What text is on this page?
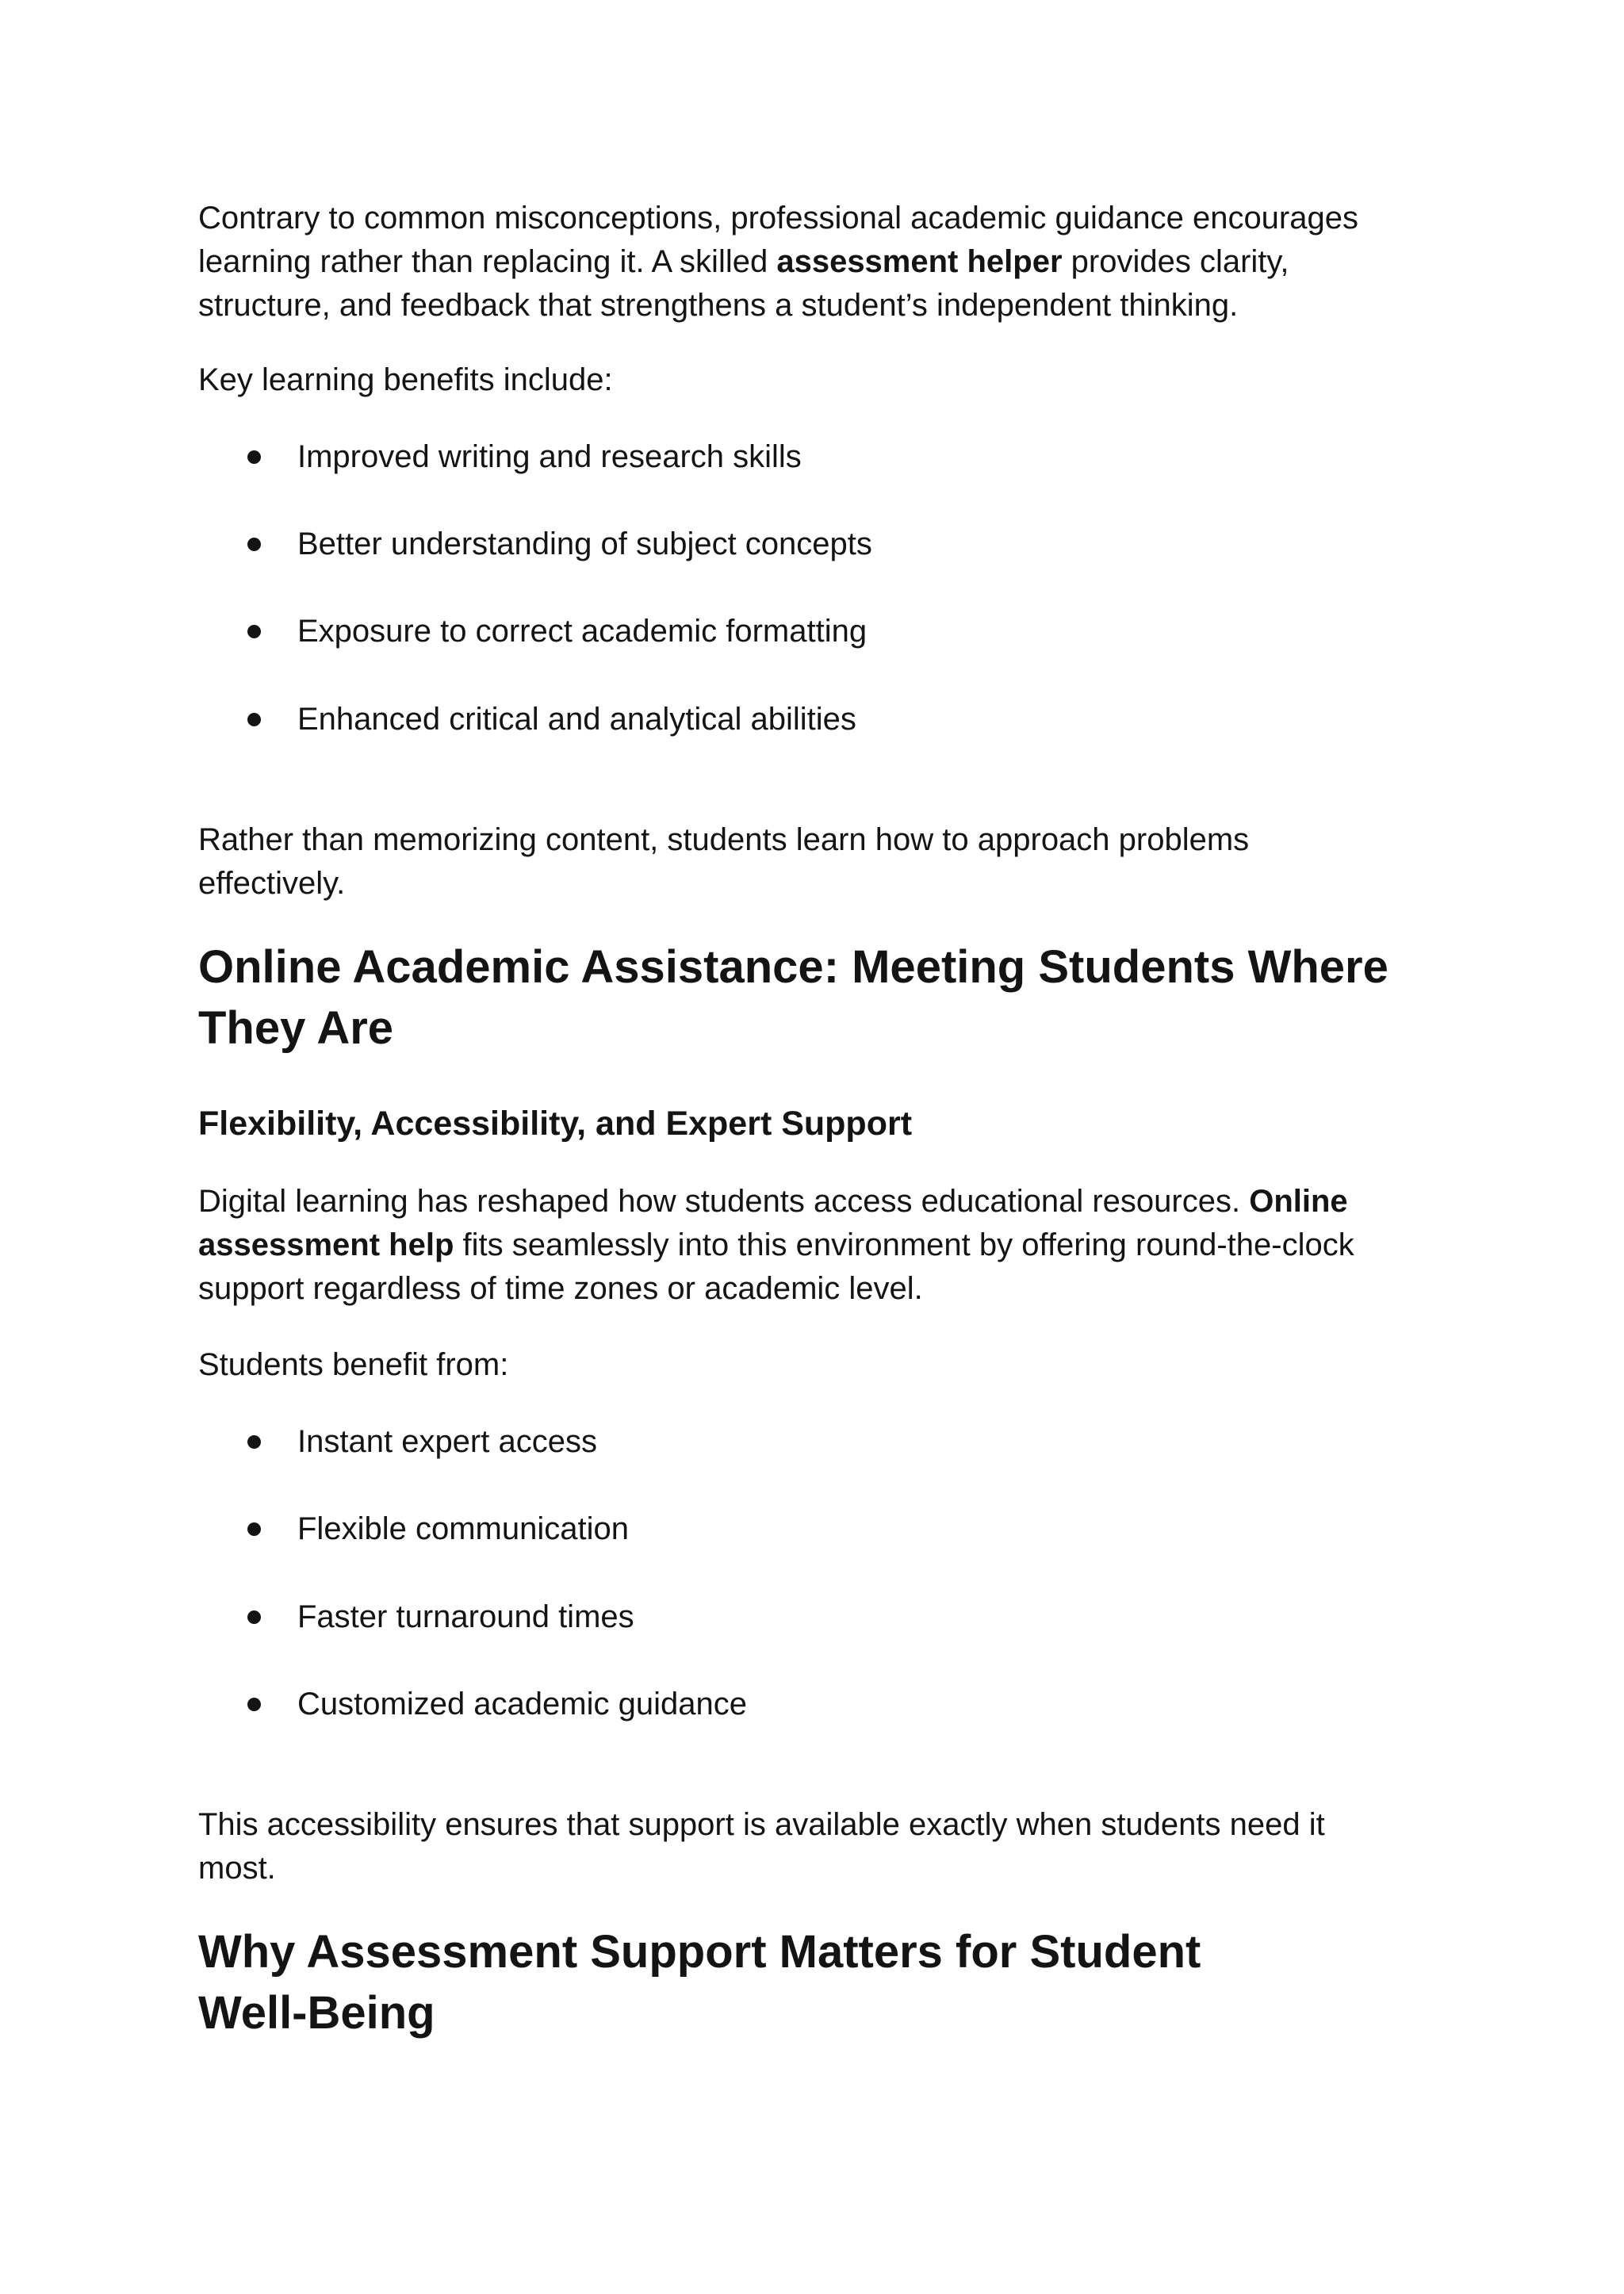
Contrary to common misconceptions, professional academic guidance encourages
learning rather than replacing it. A skilled assessment helper provides clarity,
structure, and feedback that strengthens a student’s independent thinking.
Key learning benefits include:
Improved writing and research skills
Better understanding of subject concepts
Exposure to correct academic formatting
Enhanced critical and analytical abilities
Rather than memorizing content, students learn how to approach problems
effectively.
Online Academic Assistance: Meeting Students Where
They Are
Flexibility, Accessibility, and Expert Support
Digital learning has reshaped how students access educational resources. Online
assessment help fits seamlessly into this environment by offering round-the-clock
support regardless of time zones or academic level.
Students benefit from:
Instant expert access
Flexible communication
Faster turnaround times
Customized academic guidance
This accessibility ensures that support is available exactly when students need it
most.
Why Assessment Support Matters for Student
Well-Being
